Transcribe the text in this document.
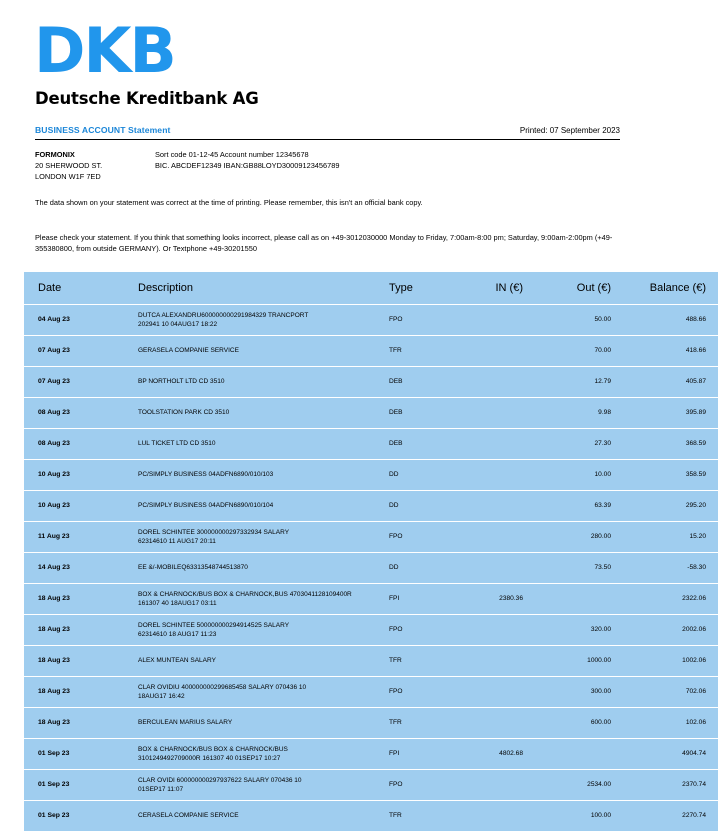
DKB
Deutsche Kreditbank AG
BUSINESS ACCOUNT Statement	Printed: 07 September 2023
FORMONIX
20 SHERWOOD ST.
LONDON W1F 7ED
Sort code 01-12-45 Account number 12345678
BIC. ABCDEF12349 IBAN:GB88LOYD30009123456789
The data shown on your statement was correct at the time of printing. Please remember, this isn't an official bank copy.
Please check your statement. If you think that something looks incorrect, please call as on +49-3012030000 Monday to Friday, 7:00am-8:00 pm; Saturday, 9:00am-2:00pm (+49-355380800, from outside GERMANY). Or Textphone +49-30201550
Date	Description	Type	IN (€)	Out (€)	Balance (€)
04 Aug 23	DUTCA ALEXANDRU600000000291984329 TRANCPORT
202941 10 04AUG17 18:22	FPO		50.00	488.66
07 Aug 23	GERASELA COMPANIE SERVICE	TFR		70.00	418.66
07 Aug 23	BP NORTHOLT LTD CD 3510	DEB		12.79	405.87
08 Aug 23	TOOLSTATION PARK CD 3510	DEB		9.98	395.89
08 Aug 23	LUL TICKET LTD CD 3510	DEB		27.30	368.59
10 Aug 23	PC/SIMPLY BUSINESS 04ADFN6890/010/103	DD		10.00	358.59
10 Aug 23	PC/SIMPLY BUSINESS 04ADFN6890/010/104	DD		63.39	295.20
11 Aug 23	DOREL SCHINTEE 300000000297332934 SALARY
62314610 11 AUG17 20:11	FPO		280.00	15.20
14 Aug 23	EE &/-MOBILEQ63313548744513870	DD		73.50	-58.30
18 Aug 23	BOX & CHARNOCK/BUS BOX & CHARNOCK,BUS 4703041128109400R
161307 40 18AUG17 03:11	FPI	2380.36		2322.06
18 Aug 23	DOREL SCHINTEE 500000000294914525 SALARY
62314610 18 AUG17 11:23	FPO		320.00	2002.06
18 Aug 23	ALEX MUNTEAN SALARY	TFR		1000.00	1002.06
18 Aug 23	CLAR OVIDIU 400000000299685458 SALARY 070436 10
18AUG17 16:42	FPO		300.00	702.06
18 Aug 23	BERCULEAN MARIUS SALARY	TFR		600.00	102.06
01 Sep 23	BOX & CHARNOCK/BUS BOX & CHARNOCK/BUS
3101249492709000R 161307 40 01SEP17 10:27	FPI	4802.68		4904.74
01 Sep 23	CLAR OVIDI 600000000297937622 SALARY 070436 10
01SEP17 11:07	FPO		2534.00	2370.74
01 Sep 23	CERASELA COMPANIE SERVICE	TFR		100.00	2270.74
